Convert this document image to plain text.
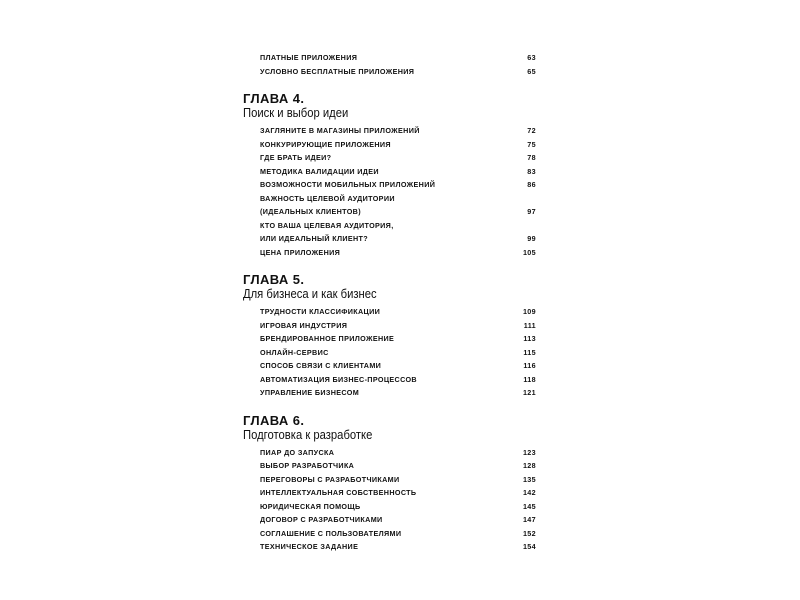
ПЛАТНЫЕ ПРИЛОЖЕНИЯ	63
УСЛОВНО БЕСПЛАТНЫЕ ПРИЛОЖЕНИЯ	65
ГЛАВА 4.
Поиск и выбор идеи
ЗАГЛЯНИТЕ В МАГАЗИНЫ ПРИЛОЖЕНИЙ	72
КОНКУРИРУЮЩИЕ ПРИЛОЖЕНИЯ	75
ГДЕ БРАТЬ ИДЕИ?	78
МЕТОДИКА ВАЛИДАЦИИ ИДЕИ	83
ВОЗМОЖНОСТИ МОБИЛЬНЫХ ПРИЛОЖЕНИЙ	86
ВАЖНОСТЬ ЦЕЛЕВОЙ АУДИТОРИИ
(ИДЕАЛЬНЫХ КЛИЕНТОВ)	97
КТО ВАША ЦЕЛЕВАЯ АУДИТОРИЯ,
ИЛИ ИДЕАЛЬНЫЙ КЛИЕНТ?	99
ЦЕНА ПРИЛОЖЕНИЯ	105
ГЛАВА 5.
Для бизнеса и как бизнес
ТРУДНОСТИ КЛАССИФИКАЦИИ	109
ИГРОВАЯ ИНДУСТРИЯ	111
БРЕНДИРОВАННОЕ ПРИЛОЖЕНИЕ	113
ОНЛАЙН-СЕРВИС	115
СПОСОБ СВЯЗИ С КЛИЕНТАМИ	116
АВТОМАТИЗАЦИЯ БИЗНЕС-ПРОЦЕССОВ	118
УПРАВЛЕНИЕ БИЗНЕСОМ	121
ГЛАВА 6.
Подготовка к разработке
ПИАР ДО ЗАПУСКА	123
ВЫБОР РАЗРАБОТЧИКА	128
ПЕРЕГОВОРЫ С РАЗРАБОТЧИКАМИ	135
ИНТЕЛЛЕКТУАЛЬНАЯ СОБСТВЕННОСТЬ	142
ЮРИДИЧЕСКАЯ ПОМОЩЬ	145
ДОГОВОР С РАЗРАБОТЧИКАМИ	147
СОГЛАШЕНИЕ С ПОЛЬЗОВАТЕЛЯМИ	152
ТЕХНИЧЕСКОЕ ЗАДАНИЕ	154
